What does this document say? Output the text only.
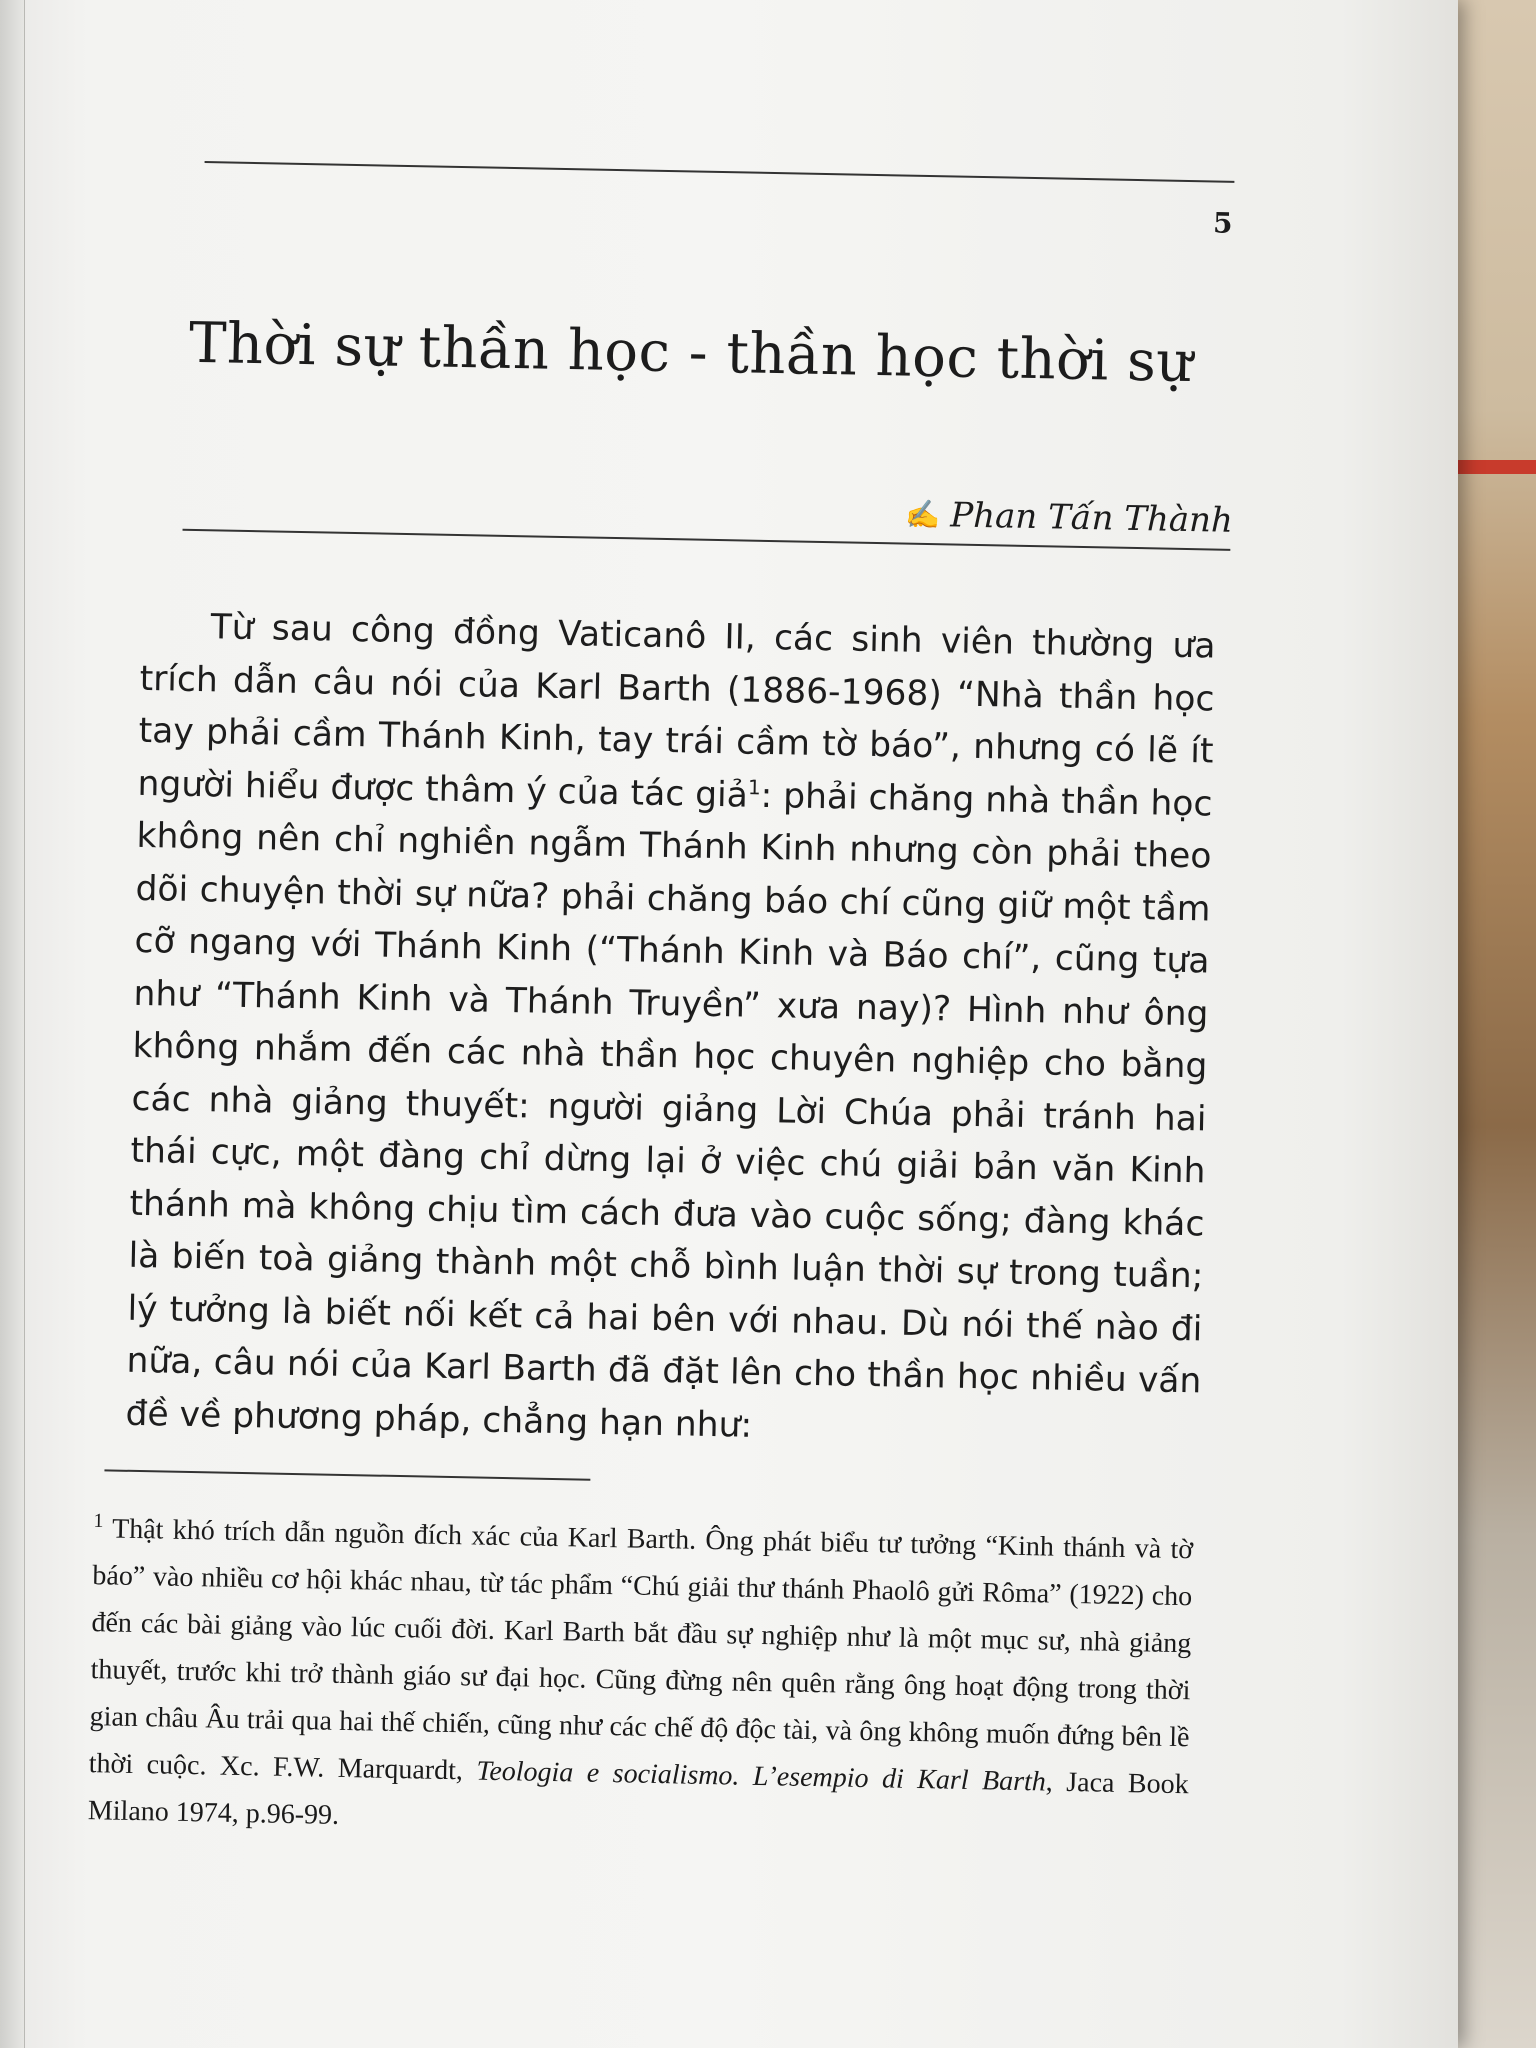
5
Thời sự thần học - thần học thời sự
✍ Phan Tấn Thành

Từ sau công đồng Vaticanô II, các sinh viên thường ưa trích dẫn câu nói của Karl Barth (1886-1968) “Nhà thần học tay phải cầm Thánh Kinh, tay trái cầm tờ báo”, nhưng có lẽ ít người hiểu được thâm ý của tác giả$^1$: phải chăng nhà thần học không nên chỉ nghiền ngẫm Thánh Kinh nhưng còn phải theo dõi chuyện thời sự nữa? phải chăng báo chí cũng giữ một tầm cỡ ngang với Thánh Kinh (“Thánh Kinh và Báo chí”, cũng tựa như “Thánh Kinh và Thánh Truyền” xưa nay)? Hình như ông không nhắm đến các nhà thần học chuyên nghiệp cho bằng các nhà giảng thuyết: người giảng Lời Chúa phải tránh hai thái cực, một đàng chỉ dừng lại ở việc chú giải bản văn Kinh thánh mà không chịu tìm cách đưa vào cuộc sống; đàng khác là biến toà giảng thành một chỗ bình luận thời sự trong tuần; lý tưởng là biết nối kết cả hai bên với nhau. Dù nói thế nào đi nữa, câu nói của Karl Barth đã đặt lên cho thần học nhiều vấn đề về phương pháp, chẳng hạn như:

$^1$ Thật khó trích dẫn nguồn đích xác của Karl Barth. Ông phát biểu tư tưởng “Kinh thánh và tờ báo” vào nhiều cơ hội khác nhau, từ tác phẩm “Chú giải thư thánh Phaolô gửi Rôma” (1922) cho đến các bài giảng vào lúc cuối đời. Karl Barth bắt đầu sự nghiệp như là một mục sư, nhà giảng thuyết, trước khi trở thành giáo sư đại học. Cũng đừng nên quên rằng ông hoạt động trong thời gian châu Âu trải qua hai thế chiến, cũng như các chế độ độc tài, và ông không muốn đứng bên lề thời cuộc. Xc. F.W. Marquardt, Teologia e socialismo. L’esempio di Karl Barth, Jaca Book Milano 1974, p.96-99.
